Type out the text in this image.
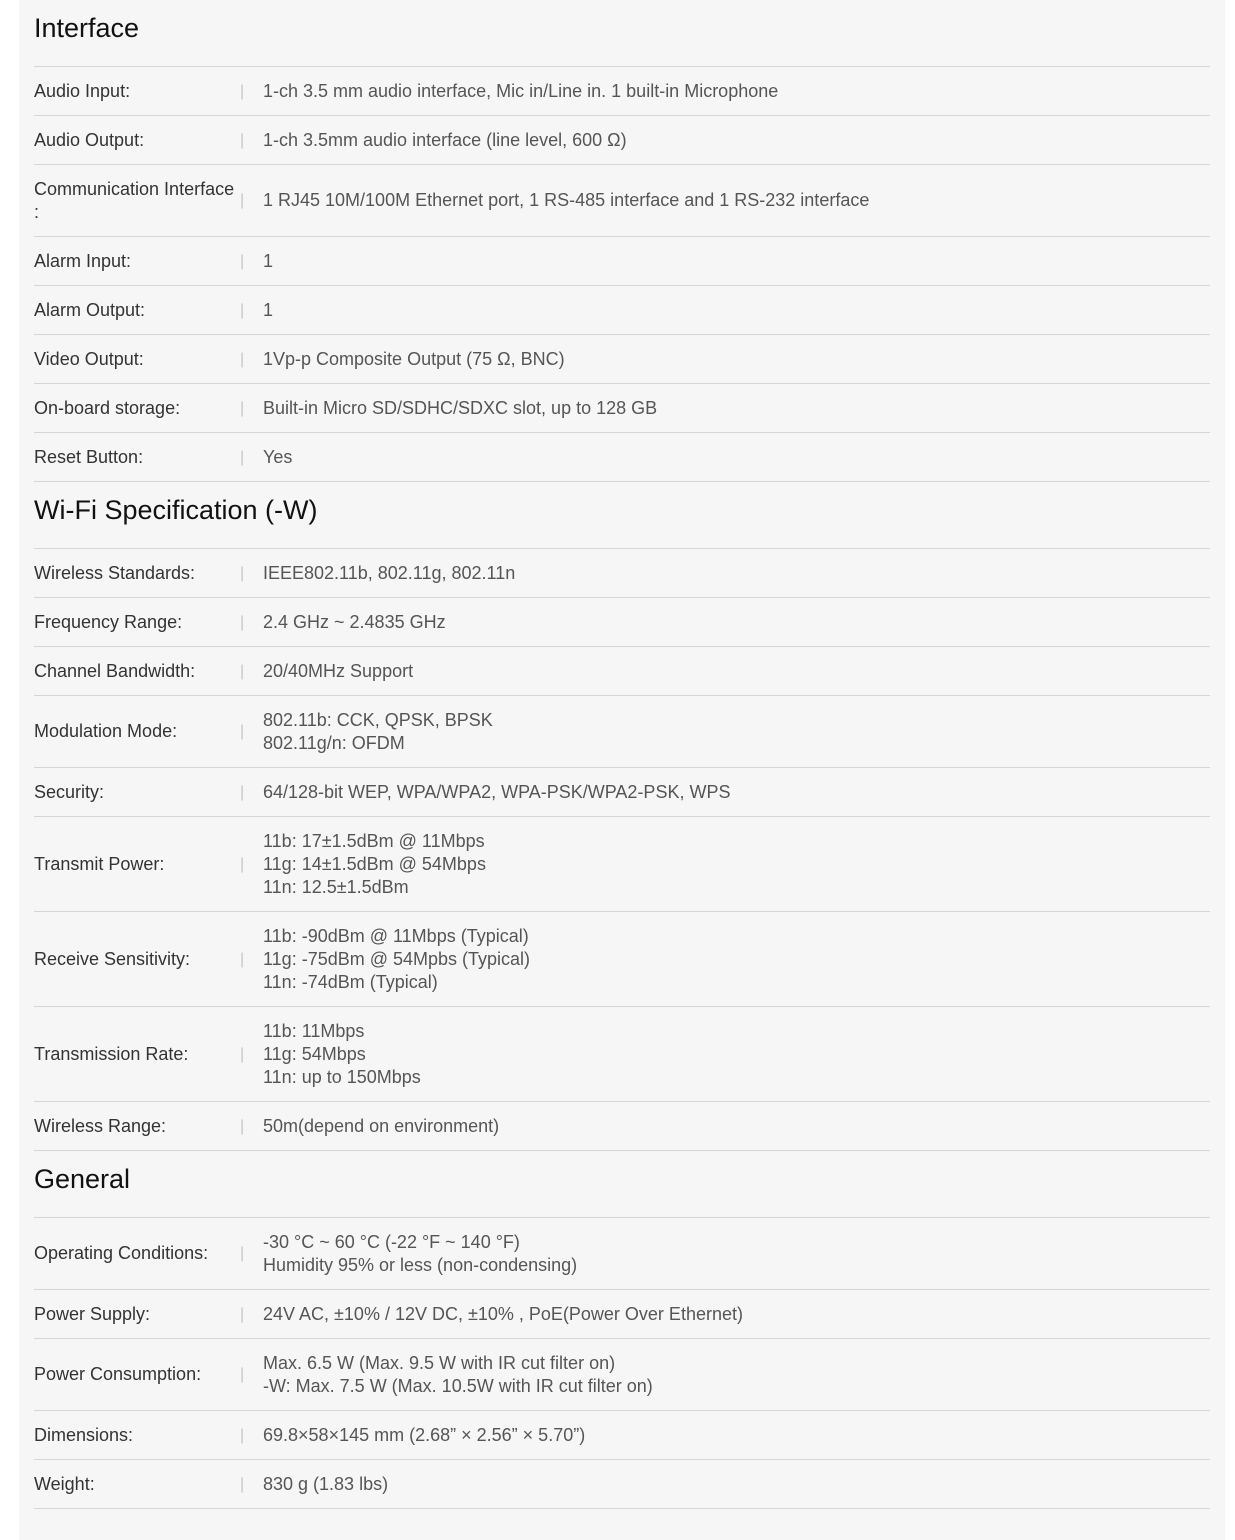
Interface
Audio Input:	|	1-ch 3.5 mm audio interface, Mic in/Line in. 1 built-in Microphone
Audio Output:	|	1-ch 3.5mm audio interface (line level, 600 Ω)
Communication Interface :
|	1 RJ45 10M/100M Ethernet port, 1 RS-485 interface and 1 RS-232 interface
Alarm Input:	|	1
Alarm Output:	|	1
Video Output:	|	1Vp-p Composite Output (75 Ω, BNC)
On-board storage:	|	Built-in Micro SD/SDHC/SDXC slot, up to 128 GB
Reset Button:	|	Yes
Wi-Fi Specification (-W)
Wireless Standards:	|	IEEE802.11b, 802.11g, 802.11n
Frequency Range:	|	2.4 GHz ~ 2.4835 GHz
Channel Bandwidth:	|	20/40MHz Support
Modulation Mode:	|
802.11b: CCK, QPSK, BPSK
802.11g/n: OFDM
Security:	|	64/128-bit WEP, WPA/WPA2, WPA-PSK/WPA2-PSK, WPS
Transmit Power:	|
11b: 17±1.5dBm @ 11Mbps
11g: 14±1.5dBm @ 54Mbps
11n: 12.5±1.5dBm
Receive Sensitivity:	|
11b: -90dBm @ 11Mbps (Typical)
11g: -75dBm @ 54Mpbs (Typical)
11n: -74dBm (Typical)
Transmission Rate:	|
11b: 11Mbps
11g: 54Mbps
11n: up to 150Mbps
Wireless Range:	|	50m(depend on environment)
General
Operating Conditions:	|
-30 °C ~ 60 °C (-22 °F ~ 140 °F)
Humidity 95% or less (non-condensing)
Power Supply:	|	24V AC, ±10% / 12V DC, ±10% , PoE(Power Over Ethernet)
Power Consumption:	|
Max. 6.5 W (Max. 9.5 W with IR cut filter on)
-W: Max. 7.5 W (Max. 10.5W with IR cut filter on)
Dimensions:	|	69.8×58×145 mm (2.68” × 2.56” × 5.70”)
Weight:	|	830 g (1.83 lbs)
